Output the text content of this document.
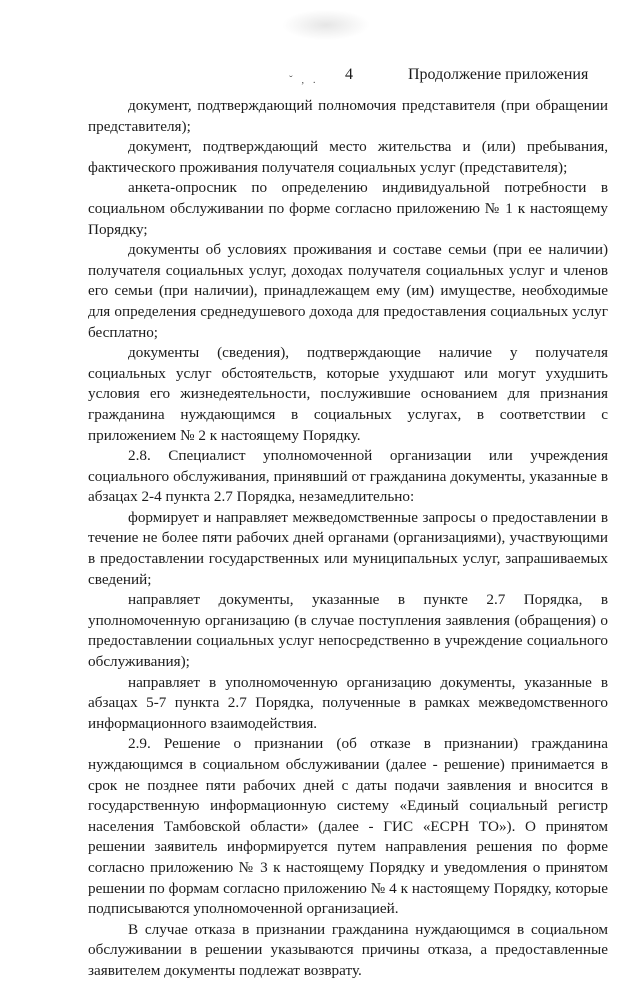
ˇ , . 4	Продолжение приложения

документ, подтверждающий полномочия представителя (при обращении представителя);

документ, подтверждающий место жительства и (или) пребывания, фактического проживания получателя социальных услуг (представителя);

анкета-опросник по определению индивидуальной потребности в социальном обслуживании по форме согласно приложению № 1 к настоящему Порядку;

документы об условиях проживания и составе семьи (при ее наличии) получателя социальных услуг, доходах получателя социальных услуг и членов его семьи (при наличии), принадлежащем ему (им) имуществе, необходимые для определения среднедушевого дохода для предоставления социальных услуг бесплатно;

документы (сведения), подтверждающие наличие у получателя социальных услуг обстоятельств, которые ухудшают или могут ухудшить условия его жизнедеятельности, послужившие основанием для признания гражданина нуждающимся в социальных услугах, в соответствии с приложением № 2 к настоящему Порядку.

2.8. Специалист уполномоченной организации или учреждения социального обслуживания, принявший от гражданина документы, указанные в абзацах 2-4 пункта 2.7 Порядка, незамедлительно:

формирует и направляет межведомственные запросы о предоставлении в течение не более пяти рабочих дней органами (организациями), участвующими в предоставлении государственных или муниципальных услуг, запрашиваемых сведений;

направляет документы, указанные в пункте 2.7 Порядка, в уполномоченную организацию (в случае поступления заявления (обращения) о предоставлении социальных услуг непосредственно в учреждение социального обслуживания);

направляет в уполномоченную организацию документы, указанные в абзацах 5-7 пункта 2.7 Порядка, полученные в рамках межведомственного информационного взаимодействия.

2.9. Решение о признании (об отказе в признании) гражданина нуждающимся в социальном обслуживании (далее - решение) принимается в срок не позднее пяти рабочих дней с даты подачи заявления и вносится в государственную информационную систему «Единый социальный регистр населения Тамбовской области» (далее - ГИС «ЕСРН ТО»). О принятом решении заявитель информируется путем направления решения по форме согласно приложению № 3 к настоящему Порядку и уведомления о принятом решении по формам согласно приложению № 4 к настоящему Порядку, которые подписываются уполномоченной организацией.

В случае отказа в признании гражданина нуждающимся в социальном обслуживании в решении указываются причины отказа, а предоставленные заявителем документы подлежат возврату.
